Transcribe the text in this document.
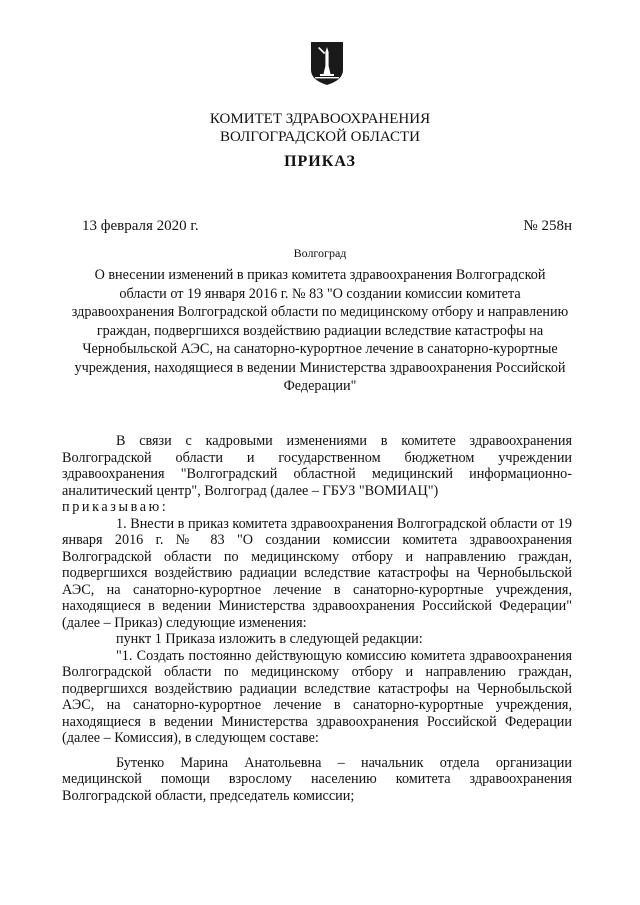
КОМИТЕТ ЗДРАВООХРАНЕНИЯ
ВОЛГОГРАДСКОЙ ОБЛАСТИ
ПРИКАЗ
13 февраля 2020 г.	№ 258н
Волгоград
О внесении изменений в приказ комитета здравоохранения Волгоградской области от 19 января 2016 г. № 83 "О создании комиссии комитета здравоохранения Волгоградской области по медицинскому отбору и направлению граждан, подвергшихся воздействию радиации вследствие катастрофы на Чернобыльской АЭС, на санаторно-курортное лечение в санаторно-курортные учреждения, находящиеся в ведении Министерства здравоохранения Российской Федерации"

В связи с кадровыми изменениями в комитете здравоохранения Волгоградской области и государственном бюджетном учреждении здравоохранения "Волгоградский областной медицинский информационно-аналитический центр", Волгоград (далее – ГБУЗ "ВОМИАЦ")

приказываю:

1. Внести в приказ комитета здравоохранения Волгоградской области от 19 января 2016 г. № 83 "О создании комиссии комитета здравоохранения Волгоградской области по медицинскому отбору и направлению граждан, подвергшихся воздействию радиации вследствие катастрофы на Чернобыльской АЭС, на санаторно-курортное лечение в санаторно-курортные учреждения, находящиеся в ведении Министерства здравоохранения Российской Федерации" (далее – Приказ) следующие изменения:

пункт 1 Приказа изложить в следующей редакции:

"1. Создать постоянно действующую комиссию комитета здравоохранения Волгоградской области по медицинскому отбору и направлению граждан, подвергшихся воздействию радиации вследствие катастрофы на Чернобыльской АЭС, на санаторно-курортное лечение в санаторно-курортные учреждения, находящиеся в ведении Министерства здравоохранения Российской Федерации (далее – Комиссия), в следующем составе:

Бутенко Марина Анатольевна – начальник отдела организации медицинской помощи взрослому населению комитета здравоохранения Волгоградской области, председатель комиссии;
